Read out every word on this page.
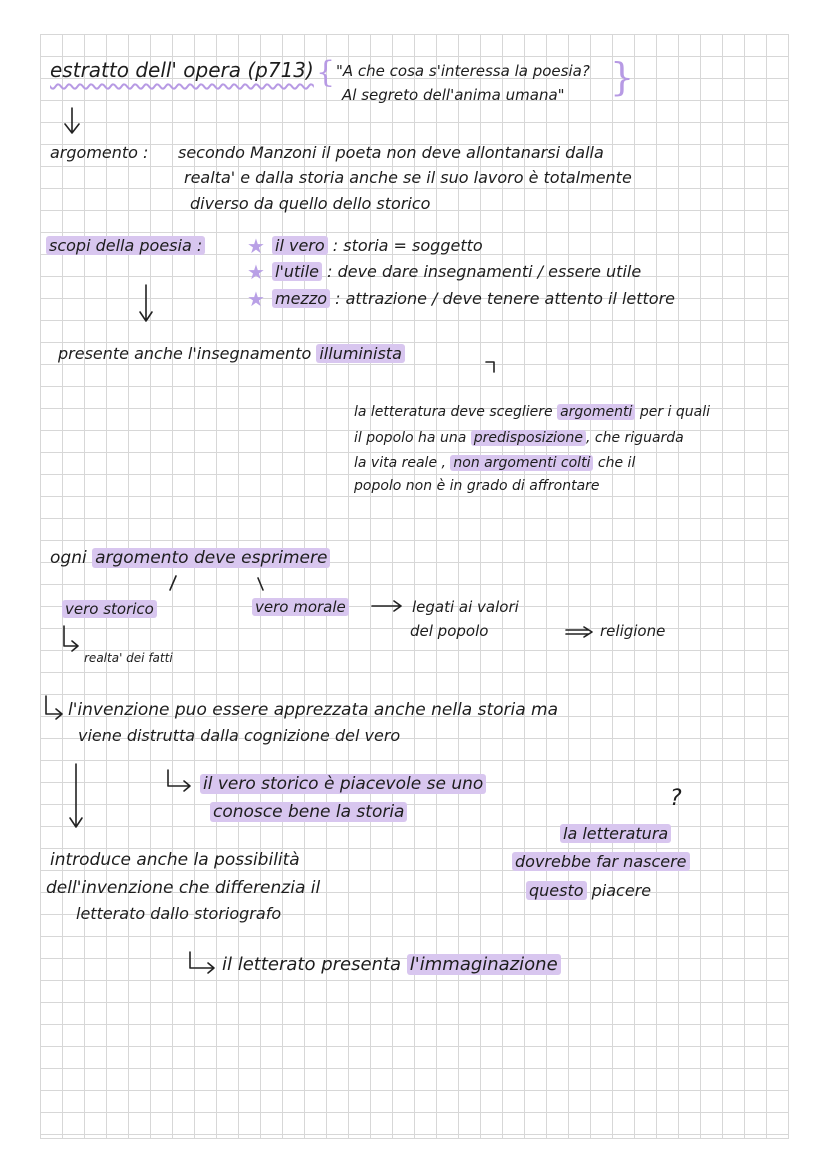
estratto dell' opera (p713) { "A che cosa s'interessa la poesia?
Al segreto dell'anima umana" }
argomento : secondo Manzoni il poeta non deve allontanarsi dalla
realta' e dalla storia anche se il suo lavoro è totalmente
diverso da quello dello storico
scopi della poesia : ★ il vero : storia = soggetto
★ l'utile : deve dare insegnamenti / essere utile
★ mezzo : attrazione / deve tenere attento il lettore
presente anche l'insegnamento illuminista
la letteratura deve scegliere argomenti per i quali
il popolo ha una predisposizione , che riguarda
la vita reale , non argomenti colti che il
popolo non è in grado di affrontare
ogni argomento deve esprimere
vero storico	vero morale	legati ai valori
del popolo	religione
realta' dei fatti
l'invenzione puo essere apprezzata anche nella storia ma
viene distrutta dalla cognizione del vero
il vero storico è piacevole se uno
conosce bene la storia
?
la letteratura
dovrebbe far nascere
questo piacere
introduce anche la possibilità
dell'invenzione che differenzia il
letterato dallo storiografo
il letterato presenta l'immaginazione
